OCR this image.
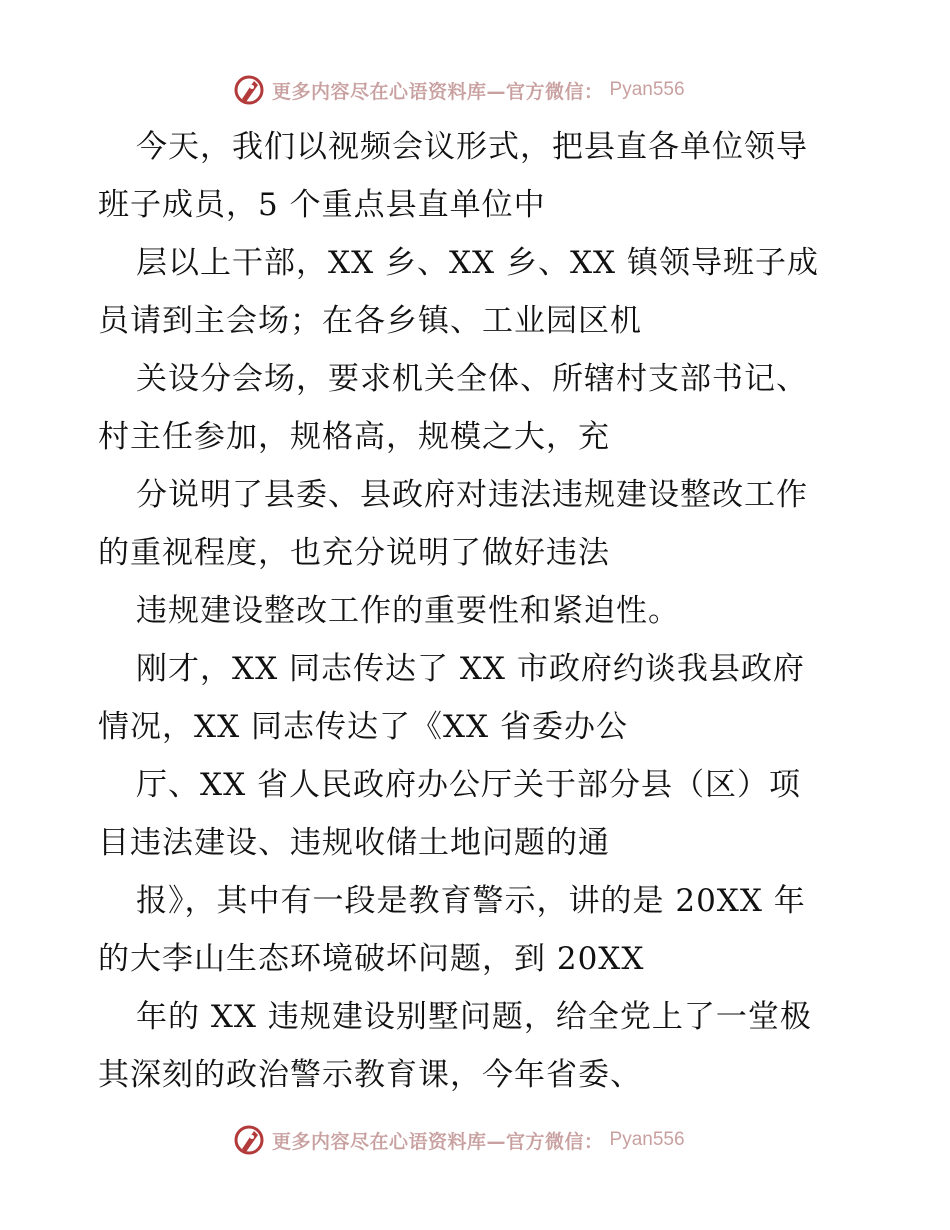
更多内容尽在心语资料库—官方微信： Pyan556
今天，我们以视频会议形式，把县直各单位领导
班子成员，5 个重点县直单位中
层以上干部，XX 乡、XX 乡、XX 镇领导班子成
员请到主会场；在各乡镇、工业园区机
关设分会场，要求机关全体、所辖村支部书记、
村主任参加，规格高，规模之大，充
分说明了县委、县政府对违法违规建设整改工作
的重视程度，也充分说明了做好违法
违规建设整改工作的重要性和紧迫性。
刚才，XX 同志传达了 XX 市政府约谈我县政府
情况，XX 同志传达了《XX 省委办公
厅、XX 省人民政府办公厅关于部分县（区）项
目违法建设、违规收储土地问题的通
报》，其中有一段是教育警示，讲的是 20XX 年
的大李山生态环境破坏问题，到 20XX
年的 XX 违规建设别墅问题，给全党上了一堂极
其深刻的政治警示教育课，今年省委、
更多内容尽在心语资料库—官方微信： Pyan556
